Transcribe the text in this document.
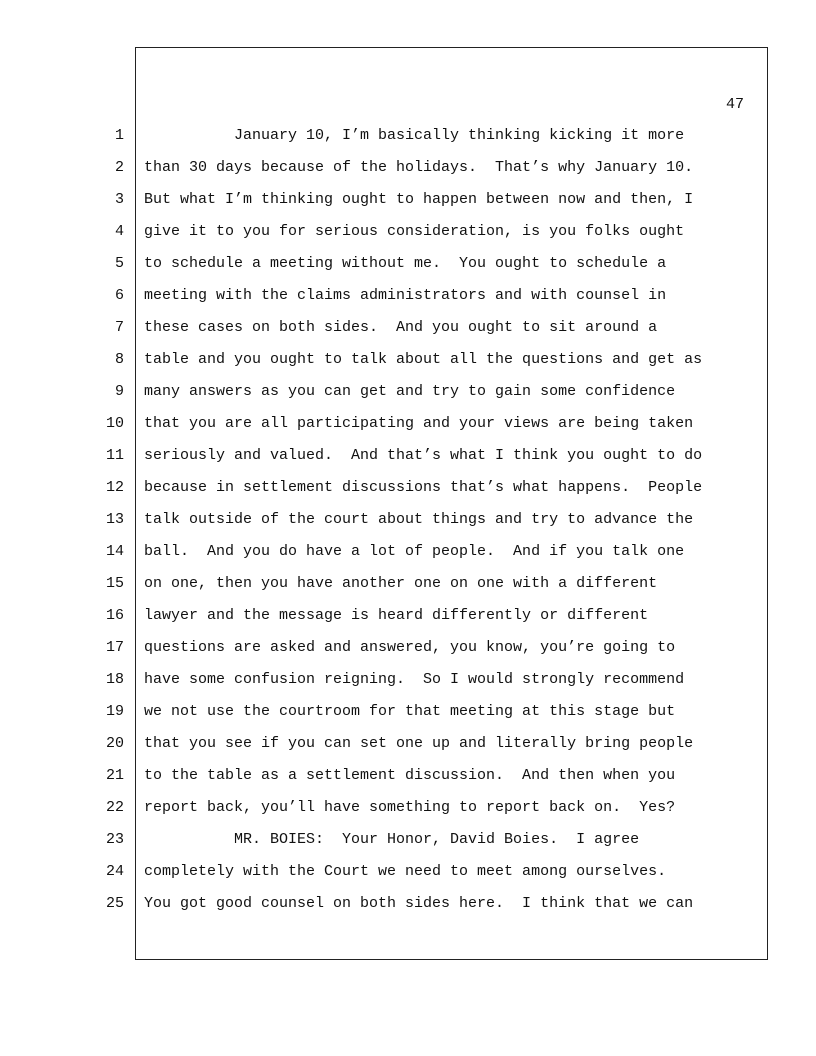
47
1 January 10, I’m basically thinking kicking it more
2 than 30 days because of the holidays.  That’s why January 10.
3 But what I’m thinking ought to happen between now and then, I
4 give it to you for serious consideration, is you folks ought
5 to schedule a meeting without me.  You ought to schedule a
6 meeting with the claims administrators and with counsel in
7 these cases on both sides.  And you ought to sit around a
8 table and you ought to talk about all the questions and get as
9 many answers as you can get and try to gain some confidence
10 that you are all participating and your views are being taken
11 seriously and valued.  And that’s what I think you ought to do
12 because in settlement discussions that’s what happens.  People
13 talk outside of the court about things and try to advance the
14 ball.  And you do have a lot of people.  And if you talk one
15 on one, then you have another one on one with a different
16 lawyer and the message is heard differently or different
17 questions are asked and answered, you know, you’re going to
18 have some confusion reigning.  So I would strongly recommend
19 we not use the courtroom for that meeting at this stage but
20 that you see if you can set one up and literally bring people
21 to the table as a settlement discussion.  And then when you
22 report back, you’ll have something to report back on.  Yes?
23 MR. BOIES:  Your Honor, David Boies.  I agree
24 completely with the Court we need to meet among ourselves.
25 You got good counsel on both sides here.  I think that we can
